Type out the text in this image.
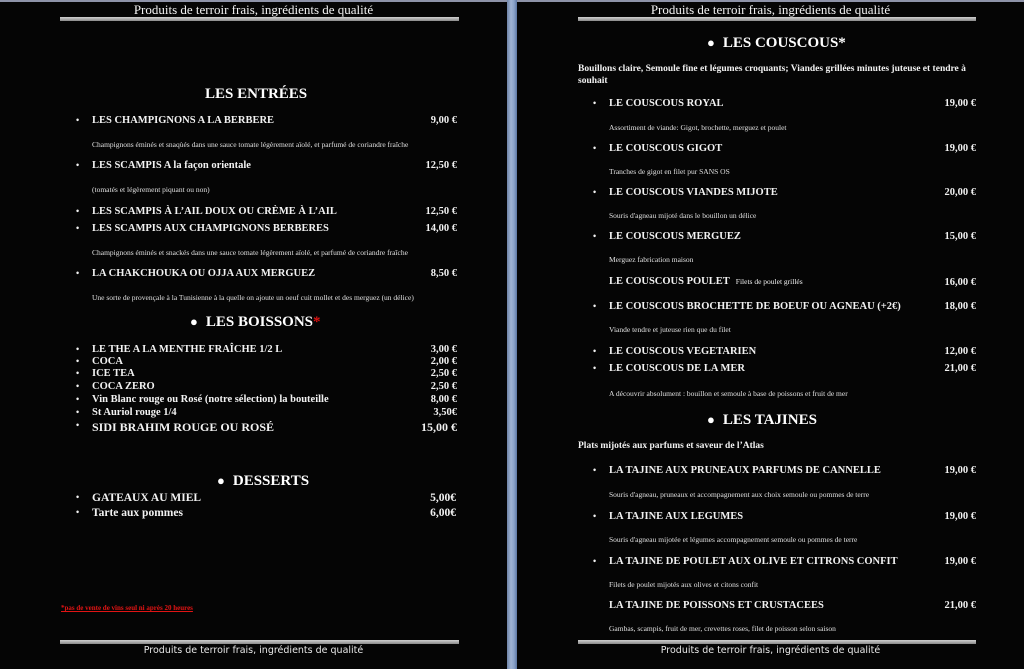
Produits de terroir frais, ingrédients de qualité
LES ENTRÉES
• LES CHAMPIGNONS A LA BERBERE	9,00 €
Champignons éminés et snaqùés dans une sauce tomate légèrement aïolé, et parfumé de coriandre fraîche
• LES SCAMPIS A la façon orientale	12,50 €
(tomatés et légèrement piquant ou non)
• LES SCAMPIS À L’AIL DOUX OU CRÈME À L’AIL	12,50 €
• LES SCAMPIS AUX CHAMPIGNONS BERBERES	14,00 €
Champignons éminés et snackés dans une sauce tomate légèrement aïolé, et parfumé de coriandre fraîche
• LA CHAKCHOUKA OU OJJA AUX MERGUEZ	8,50 €
Une sorte de provençale à la Tunisienne à la quelle on ajoute un oeuf cuit mollet et des merguez (un délice)
● LES BOISSONS*
• LE THE A LA MENTHE FRAÎCHE 1/2 L	3,00 €
• COCA	2,00 €
• ICE TEA	2,50 €
• COCA ZERO	2,50 €
• Vin Blanc rouge ou Rosé (notre sélection) la bouteille	8,00 €
• St Auriol rouge 1/4	3,50€
• SIDI BRAHIM ROUGE OU ROSÉ	15,00 €
● DESSERTS
• GATEAUX AU MIEL	5,00€
• Tarte aux pommes	6,00€
*pas de vente de vins seul ni après 20 heures
Produits de terroir frais, ingrédients de qualité
Produits de terroir frais, ingrédients de qualité
● LES COUSCOUS*
Bouillons claire, Semoule fine et légumes croquants; Viandes grillées minutes juteuse et tendre à souhait
• LE COUSCOUS ROYAL	19,00 €
Assortiment de viande: Gigot, brochette, merguez et poulet
• LE COUSCOUS GIGOT	19,00 €
Tranches de gigot en filet pur SANS OS
• LE COUSCOUS VIANDES MIJOTE	20,00 €
Souris d'agneau mijoté dans le bouillon un délice
• LE COUSCOUS MERGUEZ	15,00 €
Merguez fabrication maison
LE COUSCOUS POULET Filets de poulet grillés	16,00 €
• LE COUSCOUS BROCHETTE DE BOEUF OU AGNEAU (+2€)	18,00 €
Viande tendre et juteuse rien que du filet
• LE COUSCOUS VEGETARIEN	12,00 €
• LE COUSCOUS DE LA MER	21,00 €
A découvrir absolument : bouillon et semoule à base de poissons et fruit de mer
● LES TAJINES
Plats mijotés aux parfums et saveur de l’Atlas
• LA TAJINE AUX PRUNEAUX PARFUMS DE CANNELLE	19,00 €
Souris d'agneau, pruneaux et accompagnement aux choix semoule ou pommes de terre
• LA TAJINE AUX LEGUMES	19,00 €
Souris d'agneau mijotée et légumes accompagnement semoule ou pommes de terre
• LA TAJINE DE POULET AUX OLIVE ET CITRONS CONFIT	19,00 €
Filets de poulet mijotés aux olives et citons confit
LA TAJINE DE POISSONS ET CRUSTACEES	21,00 €
Gambas, scampis, fruit de mer, crevettes roses, filet de poisson selon saison
Produits de terroir frais, ingrédients de qualité
